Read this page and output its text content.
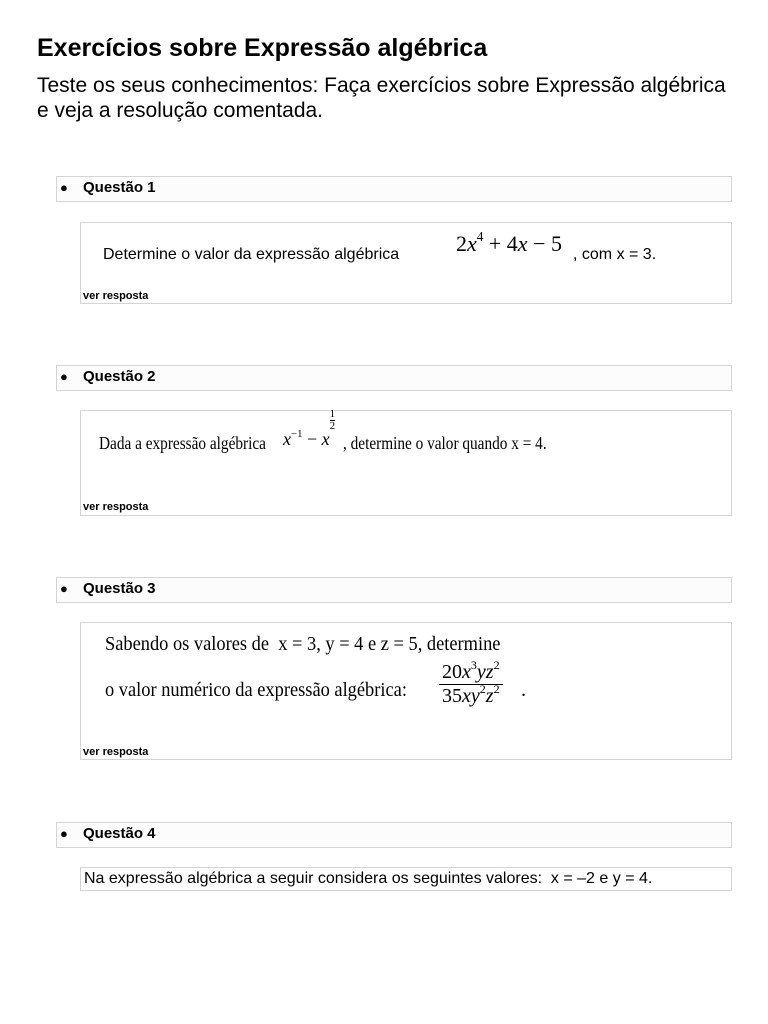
Exercícios sobre Expressão algébrica
Teste os seus conhecimentos: Faça exercícios sobre Expressão algébrica e veja a resolução comentada.
● Questão 1
Determine o valor da expressão algébrica	$2x^4 + 4x - 5$ , com x = 3.
ver resposta
● Questão 2
Dada a expressão algébrica $x^{-1} - x$
$\frac{1}{2}$
, determine o valor quando x = 4.
ver resposta
● Questão 3
Sabendo os valores de  x = 3, y = 4 e z = 5, determine
o valor numérico da expressão algébrica: $\frac{20x^3yz^2}{35xy^2z^2}$ .
ver resposta
● Questão 4
Na expressão algébrica a seguir considera os seguintes valores:  x = –2 e y = 4.
